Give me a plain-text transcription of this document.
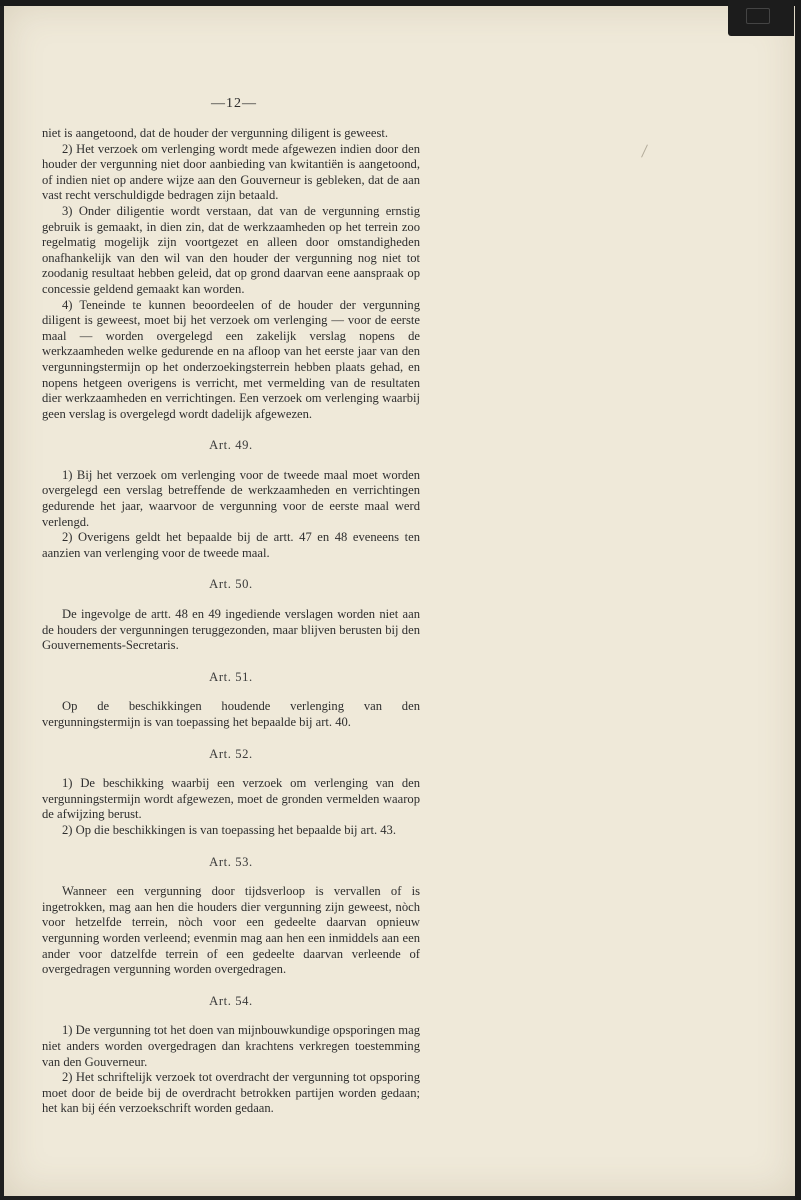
—12—

niet is aangetoond, dat de houder der vergunning diligent is geweest.

2) Het verzoek om verlenging wordt mede afgewezen indien door den houder der vergunning niet door aanbieding van kwitantiën is aangetoond, of indien niet op andere wijze aan den Gouverneur is gebleken, dat de aan vast recht verschuldigde bedragen zijn betaald.

3) Onder diligentie wordt verstaan, dat van de vergunning ernstig gebruik is gemaakt, in dien zin, dat de werkzaamheden op het terrein zoo regelmatig mogelijk zijn voortgezet en alleen door omstandigheden onafhankelijk van den wil van den houder der vergunning nog niet tot zoodanig resultaat hebben geleid, dat op grond daarvan eene aanspraak op concessie geldend gemaakt kan worden.

4) Teneinde te kunnen beoordeelen of de houder der vergunning diligent is geweest, moet bij het verzoek om verlenging — voor de eerste maal — worden overgelegd een zakelijk verslag nopens de werkzaamheden welke gedurende en na afloop van het eerste jaar van den vergunningstermijn op het onderzoekingsterrein hebben plaats gehad, en nopens hetgeen overigens is verricht, met vermelding van de resultaten dier werkzaamheden en verrichtingen. Een verzoek om verlenging waarbij geen verslag is overgelegd wordt dadelijk afgewezen.

Art. 49.

1) Bij het verzoek om verlenging voor de tweede maal moet worden overgelegd een verslag betreffende de werkzaamheden en verrichtingen gedurende het jaar, waarvoor de vergunning voor de eerste maal werd verlengd.

2) Overigens geldt het bepaalde bij de artt. 47 en 48 eveneens ten aanzien van verlenging voor de tweede maal.

Art. 50.

De ingevolge de artt. 48 en 49 ingediende verslagen worden niet aan de houders der vergunningen teruggezonden, maar blijven berusten bij den Gouvernements-Secretaris.

Art. 51.

Op de beschikkingen houdende verlenging van den vergunningstermijn is van toepassing het bepaalde bij art. 40.

Art. 52.

1) De beschikking waarbij een verzoek om verlenging van den vergunningstermijn wordt afgewezen, moet de gronden vermelden waarop de afwijzing berust.

2) Op die beschikkingen is van toepassing het bepaalde bij art. 43.

Art. 53.

Wanneer een vergunning door tijdsverloop is vervallen of is ingetrokken, mag aan hen die houders dier vergunning zijn geweest, nòch voor hetzelfde terrein, nòch voor een gedeelte daarvan opnieuw vergunning worden verleend; evenmin mag aan hen een inmiddels aan een ander voor datzelfde terrein of een gedeelte daarvan verleende of overgedragen vergunning worden overgedragen.

Art. 54.

1) De vergunning tot het doen van mijnbouwkundige opsporingen mag niet anders worden overgedragen dan krachtens verkregen toestemming van den Gouverneur.

2) Het schriftelijk verzoek tot overdracht der vergunning tot opsporing moet door de beide bij de overdracht betrokken partijen worden gedaan; het kan bij één verzoekschrift worden gedaan.
